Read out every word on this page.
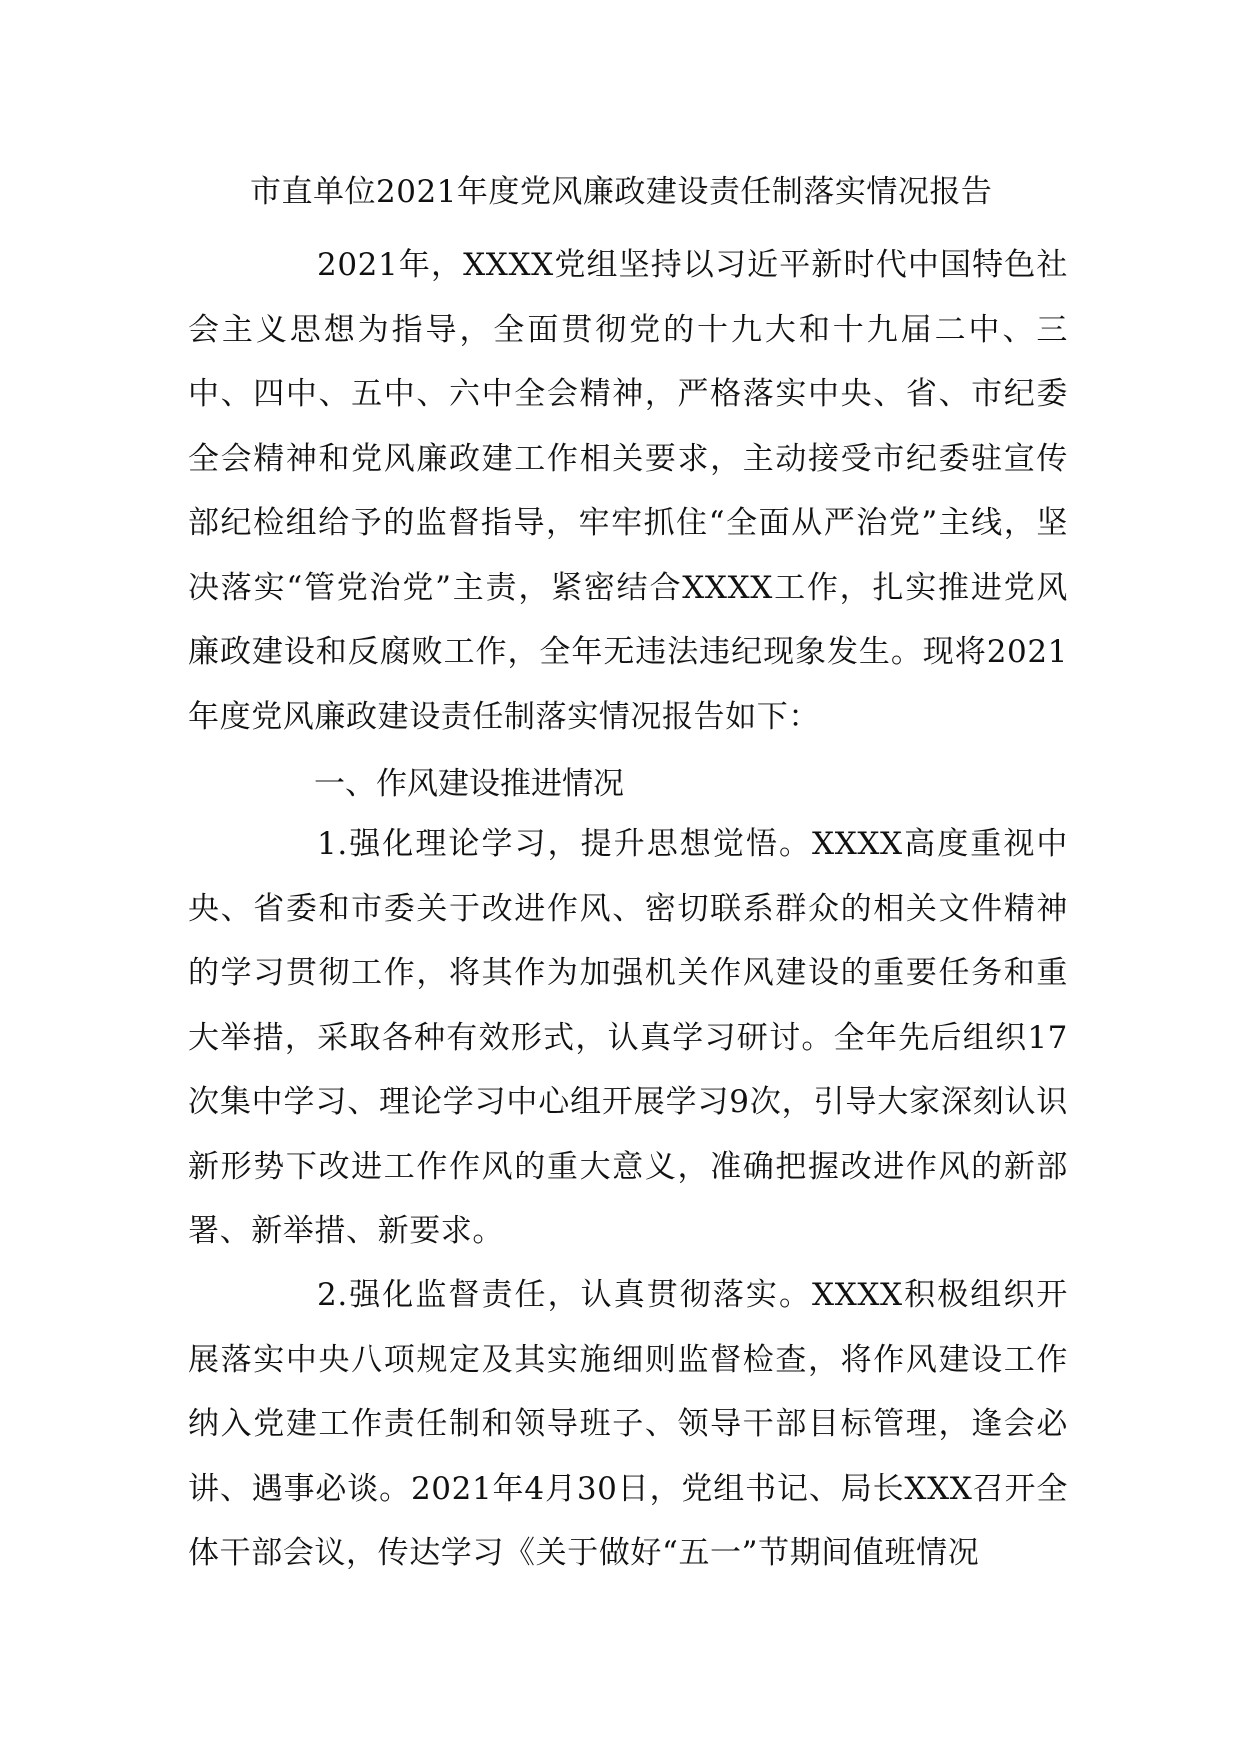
市直单位2021年度党风廉政建设责任制落实情况报告

2021年，XXXX党组坚持以习近平新时代中国特色社会主义思想为指导，全面贯彻党的十九大和十九届二中、三中、四中、五中、六中全会精神，严格落实中央、省、市纪委全会精神和党风廉政建工作相关要求，主动接受市纪委驻宣传部纪检组给予的监督指导，牢牢抓住“全面从严治党”主线，坚决落实“管党治党”主责，紧密结合XXXX工作，扎实推进党风廉政建设和反腐败工作，全年无违法违纪现象发生。现将2021年度党风廉政建设责任制落实情况报告如下：

一、作风建设推进情况

1.强化理论学习，提升思想觉悟。XXXX高度重视中央、省委和市委关于改进作风、密切联系群众的相关文件精神的学习贯彻工作，将其作为加强机关作风建设的重要任务和重大举措，采取各种有效形式，认真学习研讨。全年先后组织17次集中学习、理论学习中心组开展学习9次，引导大家深刻认识新形势下改进工作作风的重大意义，准确把握改进作风的新部署、新举措、新要求。

2.强化监督责任，认真贯彻落实。XXXX积极组织开展落实中央八项规定及其实施细则监督检查，将作风建设工作纳入党建工作责任制和领导班子、领导干部目标管理，逢会必讲、遇事必谈。2021年4月30日，党组书记、局长XXX召开全体干部会议，传达学习《关于做好“五一”节期间值班情况
